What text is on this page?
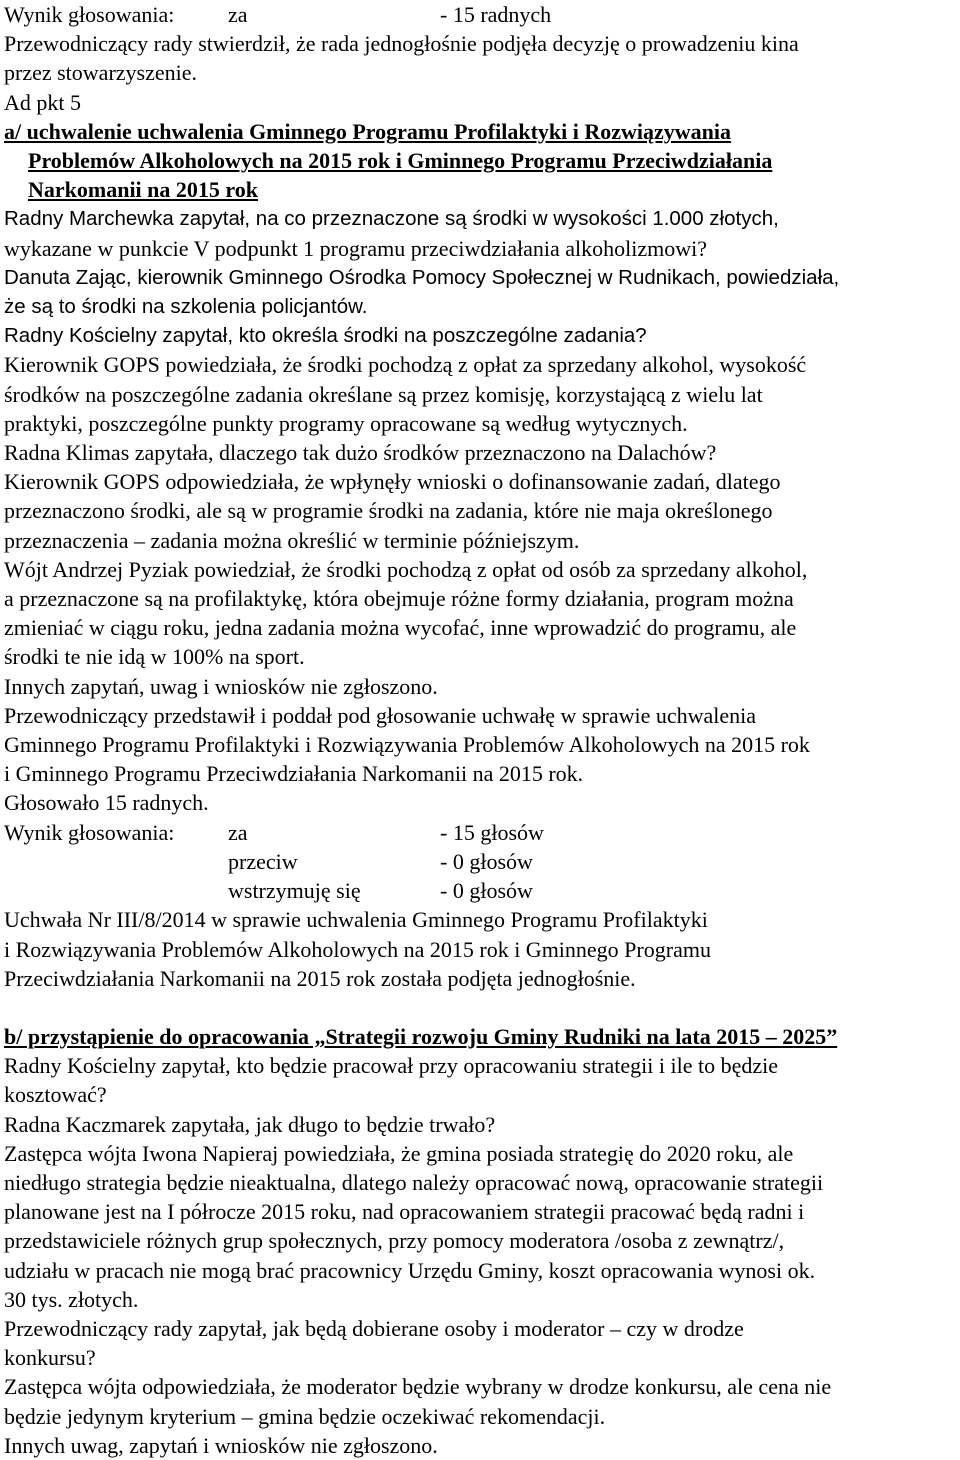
Wynik głosowania:	za	- 15 radnych

Przewodniczący rady stwierdził, że rada jednogłośnie podjęła decyzję o prowadzeniu kina

przez stowarzyszenie.

Ad pkt 5

a/ uchwalenie uchwalenia Gminnego Programu Profilaktyki i Rozwiązywania

Problemów Alkoholowych na 2015 rok i Gminnego Programu Przeciwdziałania

Narkomanii na 2015 rok

Radny Marchewka zapytał, na co przeznaczone są środki w wysokości 1.000 złotych,

wykazane w punkcie V podpunkt 1 programu przeciwdziałania alkoholizmowi?

Danuta Zając, kierownik Gminnego Ośrodka Pomocy Społecznej w Rudnikach, powiedziała,

że są to środki na szkolenia policjantów.

Radny Kościelny zapytał, kto określa środki na poszczególne zadania?

Kierownik GOPS powiedziała, że środki pochodzą z opłat za sprzedany alkohol, wysokość

środków na poszczególne zadania określane są przez komisję, korzystającą z wielu lat

praktyki, poszczególne punkty programy opracowane są według wytycznych.

Radna Klimas zapytała, dlaczego tak dużo środków przeznaczono na Dalachów?

Kierownik GOPS odpowiedziała, że wpłynęły wnioski o dofinansowanie zadań, dlatego

przeznaczono środki, ale są w programie środki na zadania, które nie maja określonego

przeznaczenia – zadania można określić w terminie późniejszym.

Wójt Andrzej Pyziak powiedział, że środki pochodzą z opłat od osób za sprzedany alkohol,

a przeznaczone są na profilaktykę, która obejmuje różne formy działania, program można

zmieniać w ciągu roku, jedna zadania można wycofać, inne wprowadzić do programu, ale

środki te nie idą w 100% na sport.

Innych zapytań, uwag i wniosków nie zgłoszono.

Przewodniczący przedstawił i poddał pod głosowanie uchwałę w sprawie uchwalenia

Gminnego Programu Profilaktyki i Rozwiązywania Problemów Alkoholowych na 2015 rok

i Gminnego Programu Przeciwdziałania Narkomanii na 2015 rok.

Głosowało 15 radnych.

Wynik głosowania:	za	- 15 głosów
przeciw	- 0 głosów
wstrzymuję się	- 0 głosów

Uchwała Nr III/8/2014 w sprawie uchwalenia Gminnego Programu Profilaktyki

i Rozwiązywania Problemów Alkoholowych na 2015 rok i Gminnego Programu

Przeciwdziałania Narkomanii na 2015 rok została podjęta jednogłośnie.

b/ przystąpienie do opracowania „Strategii rozwoju Gminy Rudniki na lata 2015 – 2025”

Radny Kościelny zapytał, kto będzie pracował przy opracowaniu strategii i ile to będzie

kosztować?

Radna Kaczmarek zapytała, jak długo to będzie trwało?

Zastępca wójta Iwona Napieraj powiedziała, że gmina posiada strategię do 2020 roku, ale

niedługo strategia będzie nieaktualna, dlatego należy opracować nową, opracowanie strategii

planowane jest na I półrocze 2015 roku, nad opracowaniem strategii pracować będą radni i

przedstawiciele różnych grup społecznych, przy pomocy moderatora /osoba z zewnątrz/,

udziału w pracach nie mogą brać pracownicy Urzędu Gminy, koszt opracowania wynosi ok.

30 tys. złotych.

Przewodniczący rady zapytał, jak będą dobierane osoby i moderator – czy w drodze

konkursu?

Zastępca wójta odpowiedziała, że moderator będzie wybrany w drodze konkursu, ale cena nie

będzie jedynym kryterium – gmina będzie oczekiwać rekomendacji.

Innych uwag, zapytań i wniosków nie zgłoszono.
